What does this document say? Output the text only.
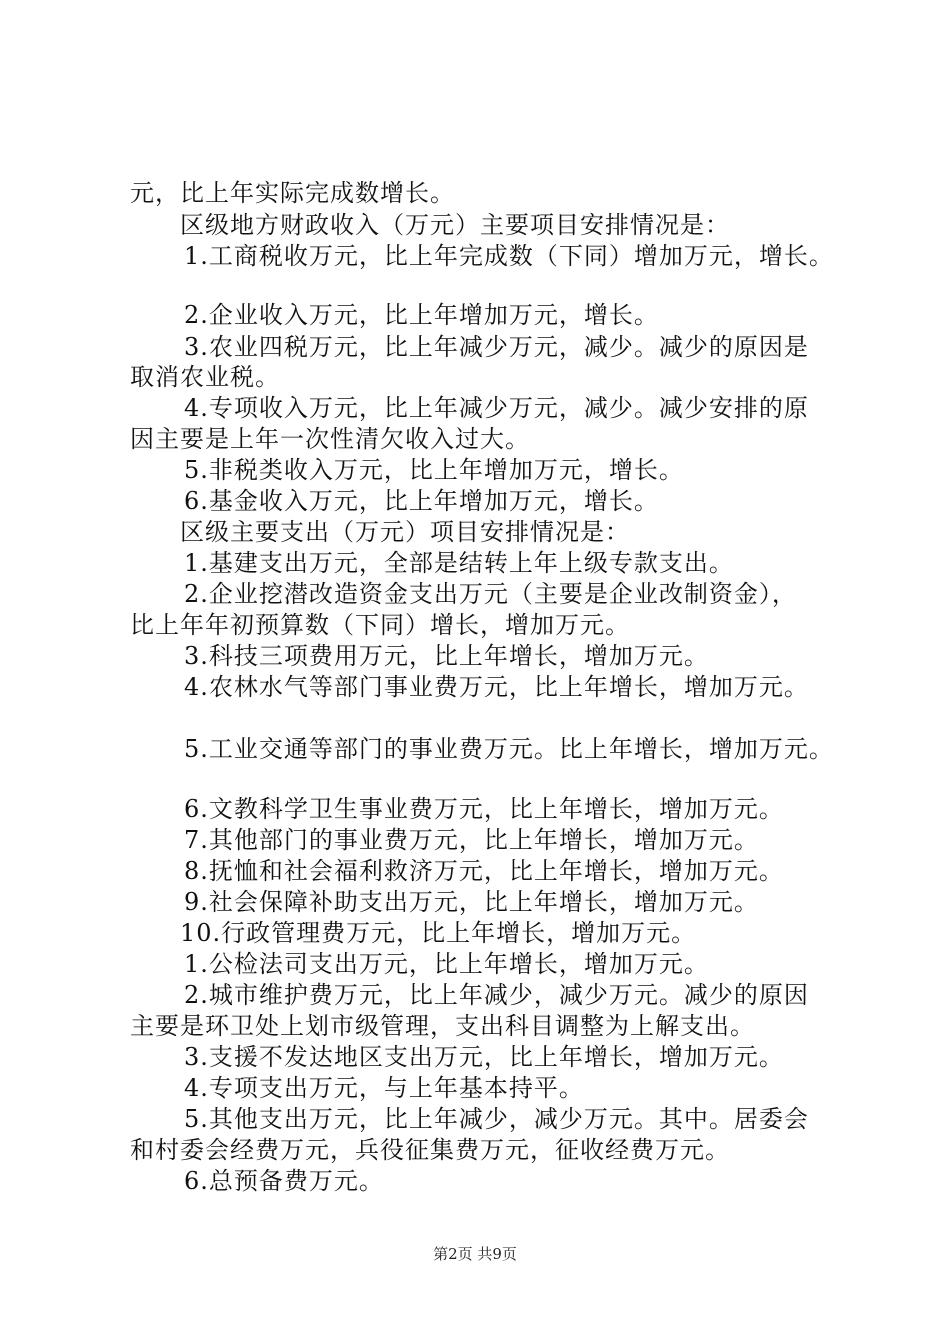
元，比上年实际完成数增长。
区级地方财政收入（万元）主要项目安排情况是：
1.工商税收万元，比上年完成数（下同）增加万元，增长。
2.企业收入万元，比上年增加万元，增长。
3.农业四税万元，比上年减少万元，减少。减少的原因是
取消农业税。
4.专项收入万元，比上年减少万元，减少。减少安排的原
因主要是上年一次性清欠收入过大。
5.非税类收入万元，比上年增加万元，增长。
6.基金收入万元，比上年增加万元，增长。
区级主要支出（万元）项目安排情况是：
1.基建支出万元，全部是结转上年上级专款支出。
2.企业挖潜改造资金支出万元（主要是企业改制资金），
比上年年初预算数（下同）增长，增加万元。
3.科技三项费用万元，比上年增长，增加万元。
4.农林水气等部门事业费万元，比上年增长，增加万元。
5.工业交通等部门的事业费万元。比上年增长，增加万元。
6.文教科学卫生事业费万元，比上年增长，增加万元。
7.其他部门的事业费万元，比上年增长，增加万元。
8.抚恤和社会福利救济万元，比上年增长，增加万元。
9.社会保障补助支出万元，比上年增长，增加万元。
10.行政管理费万元，比上年增长，增加万元。
1.公检法司支出万元，比上年增长，增加万元。
2.城市维护费万元，比上年减少，减少万元。减少的原因
主要是环卫处上划市级管理，支出科目调整为上解支出。
3.支援不发达地区支出万元，比上年增长，增加万元。
4.专项支出万元，与上年基本持平。
5.其他支出万元，比上年减少，减少万元。其中。居委会
和村委会经费万元，兵役征集费万元，征收经费万元。
6.总预备费万元。
第2页 共9页
